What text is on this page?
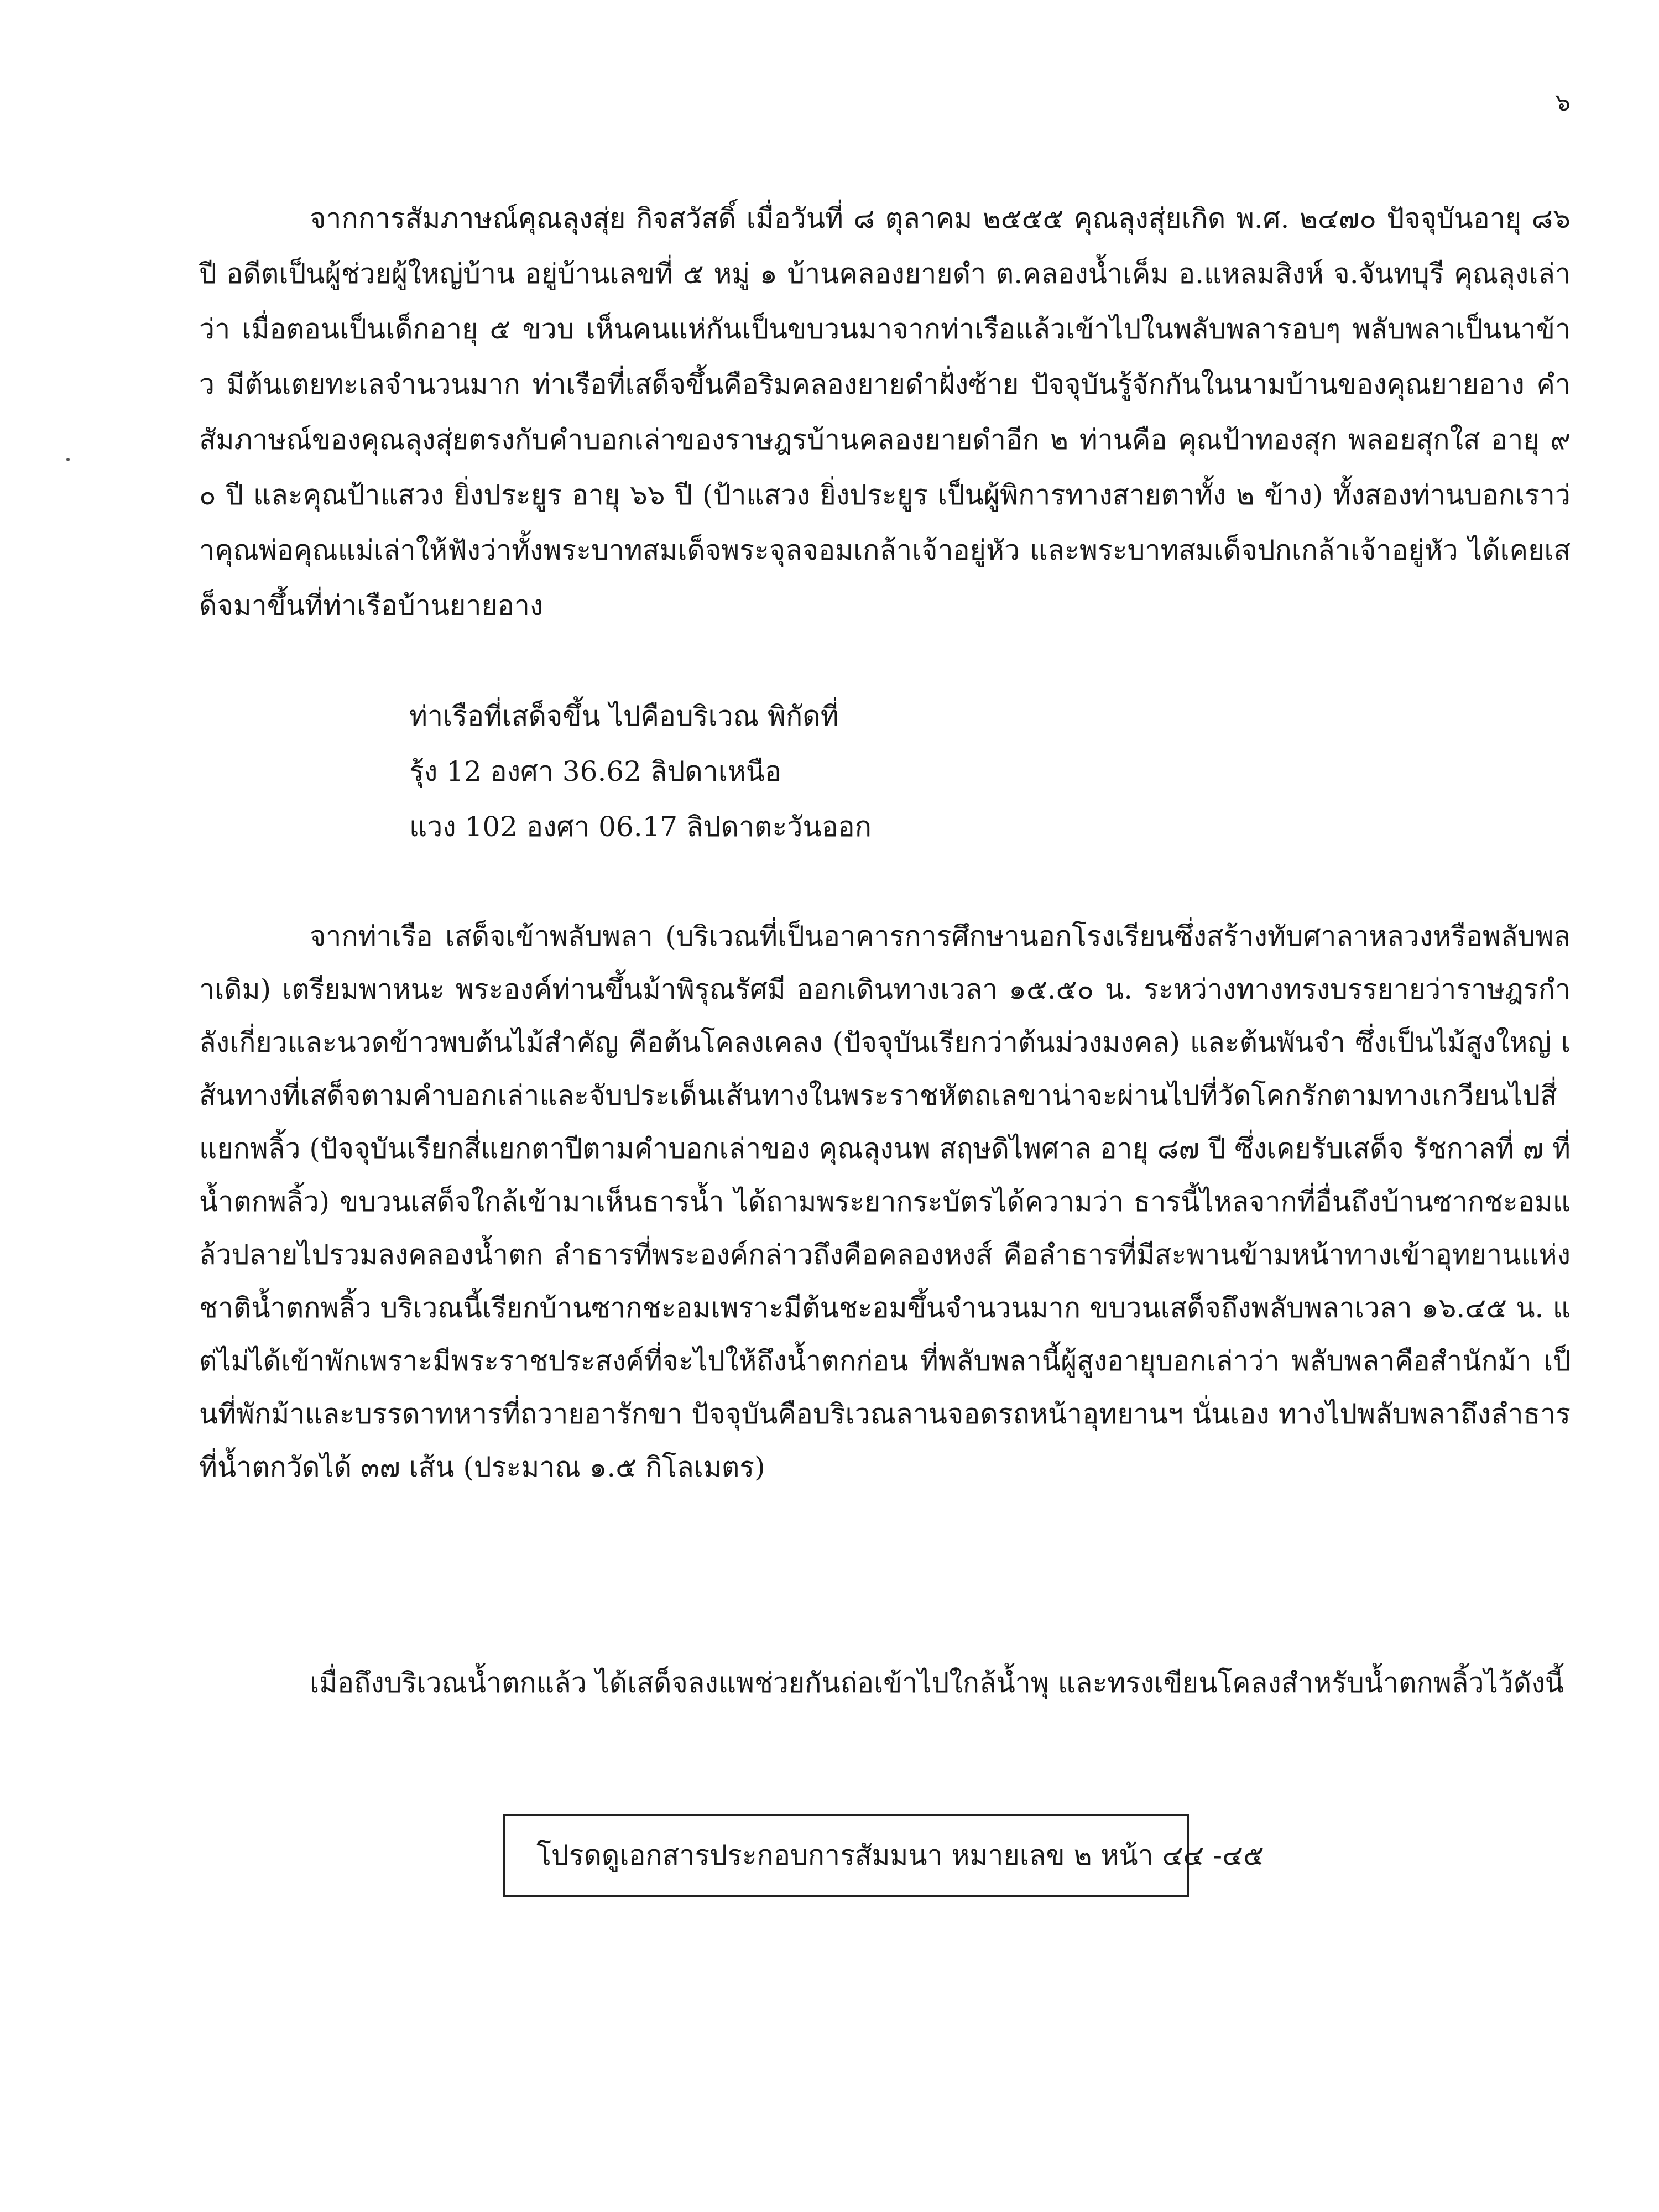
๖

จากการสัมภาษณ์คุณลุงสุ่ย กิจสวัสดิ์ เมื่อวันที่ ๘ ตุลาคม ๒๕๕๕ คุณลุงสุ่ยเกิด พ.ศ. ๒๔๗๐ ปัจจุบันอายุ ๘๖ ปี อดีตเป็นผู้ช่วยผู้ใหญ่บ้าน อยู่บ้านเลขที่ ๕ หมู่ ๑ บ้านคลองยายดำ ต.คลองน้ำเค็ม อ.แหลมสิงห์ จ.จันทบุรี คุณลุงเล่าว่า เมื่อตอนเป็นเด็กอายุ ๕ ขวบ เห็นคนแห่กันเป็นขบวนมาจากท่าเรือแล้วเข้าไปในพลับพลารอบๆ พลับพลาเป็นนาข้าว มีต้นเตยทะเลจำนวนมาก ท่าเรือที่เสด็จขึ้นคือริมคลองยายดำฝั่งซ้าย ปัจจุบันรู้จักกันในนามบ้านของคุณยายอาง คำสัมภาษณ์ของคุณลุงสุ่ยตรงกับคำบอกเล่าของราษฎรบ้านคลองยายดำอีก ๒ ท่านคือ คุณป้าทองสุก พลอยสุกใส อายุ ๙๐ ปี และคุณป้าแสวง ยิ่งประยูร อายุ ๖๖ ปี (ป้าแสวง ยิ่งประยูร เป็นผู้พิการทางสายตาทั้ง ๒ ข้าง) ทั้งสองท่านบอกเราว่าคุณพ่อคุณแม่เล่าให้ฟังว่าทั้งพระบาทสมเด็จพระจุลจอมเกล้าเจ้าอยู่หัว และพระบาทสมเด็จปกเกล้าเจ้าอยู่หัว ได้เคยเสด็จมาขึ้นที่ท่าเรือบ้านยายอาง

ท่าเรือที่เสด็จขึ้น ไปคือบริเวณ พิกัดที่
รุ้ง 12 องศา 36.62 ลิปดาเหนือ
แวง 102 องศา 06.17 ลิปดาตะวันออก

จากท่าเรือ เสด็จเข้าพลับพลา (บริเวณที่เป็นอาคารการศึกษานอกโรงเรียนซึ่งสร้างทับศาลาหลวงหรือพลับพลาเดิม) เตรียมพาหนะ พระองค์ท่านขึ้นม้าพิรุณรัศมี ออกเดินทางเวลา ๑๕.๕๐ น. ระหว่างทางทรงบรรยายว่าราษฎรกำลังเกี่ยวและนวดข้าวพบต้นไม้สำคัญ คือต้นโคลงเคลง (ปัจจุบันเรียกว่าต้นม่วงมงคล) และต้นพันจำ ซึ่งเป็นไม้สูงใหญ่ เส้นทางที่เสด็จตามคำบอกเล่าและจับประเด็นเส้นทางในพระราชหัตถเลขาน่าจะผ่านไปที่วัดโคกรักตามทางเกวียนไปสี่แยกพลิ้ว (ปัจจุบันเรียกสี่แยกตาปีตามคำบอกเล่าของ คุณลุงนพ สฤษดิไพศาล อายุ ๘๗ ปี ซึ่งเคยรับเสด็จ รัชกาลที่ ๗ ที่น้ำตกพลิ้ว) ขบวนเสด็จใกล้เข้ามาเห็นธารน้ำ ได้ถามพระยากระบัตรได้ความว่า ธารนี้ไหลจากที่อื่นถึงบ้านซากชะอมแล้วปลายไปรวมลงคลองน้ำตก ลำธารที่พระองค์กล่าวถึงคือคลองหงส์ คือลำธารที่มีสะพานข้ามหน้าทางเข้าอุทยานแห่งชาติน้ำตกพลิ้ว บริเวณนี้เรียกบ้านซากชะอมเพราะมีต้นชะอมขึ้นจำนวนมาก ขบวนเสด็จถึงพลับพลาเวลา ๑๖.๔๕ น. แต่ไม่ได้เข้าพักเพราะมีพระราชประสงค์ที่จะไปให้ถึงน้ำตกก่อน ที่พลับพลานี้ผู้สูงอายุบอกเล่าว่า พลับพลาคือสำนักม้า เป็นที่พักม้าและบรรดาทหารที่ถวายอารักขา ปัจจุบันคือบริเวณลานจอดรถหน้าอุทยานฯ นั่นเอง ทางไปพลับพลาถึงลำธารที่น้ำตกวัดได้ ๓๗ เส้น (ประมาณ ๑.๕ กิโลเมตร)

เมื่อถึงบริเวณน้ำตกแล้ว ได้เสด็จลงแพช่วยกันถ่อเข้าไปใกล้น้ำพุ และทรงเขียนโคลงสำหรับน้ำตกพลิ้วไว้ดังนี้

โปรดดูเอกสารประกอบการสัมมนา หมายเลข ๒ หน้า ๔๔ -๔๕
